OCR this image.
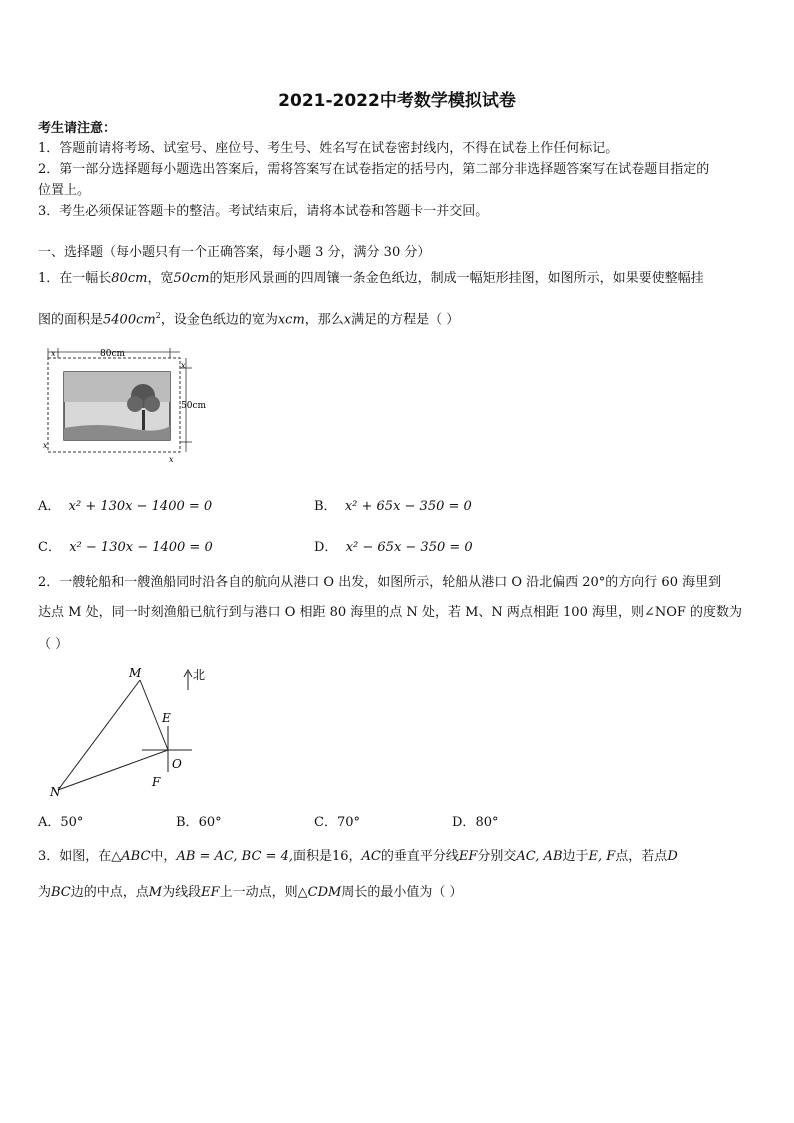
2021-2022中考数学模拟试卷
考生请注意：
1．答题前请将考场、试室号、座位号、考生号、姓名写在试卷密封线内，不得在试卷上作任何标记。
2．第一部分选择题每小题选出答案后，需将答案写在试卷指定的括号内，第二部分非选择题答案写在试卷题目指定的
位置上。
3．考生必须保证答题卡的整洁。考试结束后，请将本试卷和答题卡一并交回。
一、选择题（每小题只有一个正确答案，每小题 3 分，满分 30 分）
1．在一幅长80cm，宽50cm的矩形风景画的四周镶一条金色纸边，制成一幅矩形挂图，如图所示，如果要使整幅挂
图的面积是$5400cm^2$，设金色纸边的宽为xcm，那么x满足的方程是（ ）
x	80cm
x
50cm
x
x
A． x² + 130x − 1400 = 0	B． x² + 65x − 350 = 0
C． x² − 130x − 1400 = 0	D． x² − 65x − 350 = 0
2．一艘轮船和一艘渔船同时沿各自的航向从港口 O 出发，如图所示，轮船从港口 O 沿北偏西 20°的方向行 60 海里到
达点 M 处，同一时刻渔船已航行到与港口 O 相距 80 海里的点 N 处，若 M、N 两点相距 100 海里，则∠NOF 的度数为
（ ）
北
M
N
O
E
F
A．50°	B．60°	C．70°	D．80°
3．如图，在△ABC中，AB = AC, BC = 4,面积是16，AC的垂直平分线EF分别交AC, AB边于E, F点，若点D
为BC边的中点，点M为线段EF上一动点，则△CDM周长的最小值为（ ）
